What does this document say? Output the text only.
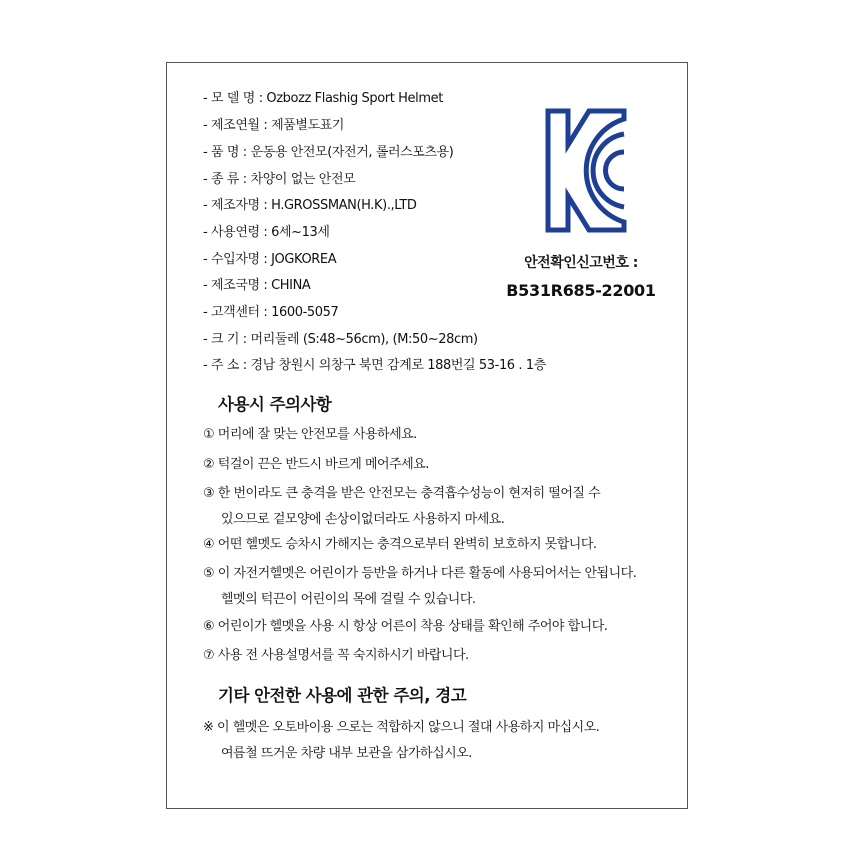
- 모 델 명 : Ozbozz Flashig Sport Helmet
- 제조연월 : 제품별도표기
- 품 명 : 운동용 안전모(자전거, 롤러스포츠용)
- 종 류 : 차양이 없는 안전모
- 제조자명 : H.GROSSMAN(H.K).,LTD
- 사용연령 : 6세~13세
- 수입자명 : JOGKOREA
- 제조국명 : CHINA
- 고객센터 : 1600-5057
- 크 기 : 머리둘레 (S:48~56cm), (M:50~28cm)
- 주 소 : 경남 창원시 의창구 북면 감계로 188번길 53-16 . 1층
안전확인신고번호 :
B531R685-22001
사용시 주의사항
① 머리에 잘 맞는 안전모를 사용하세요.
② 턱걸이 끈은 반드시 바르게 메어주세요.
③ 한 번이라도 큰 충격을 받은 안전모는 충격흡수성능이 현저히 떨어질 수
있으므로 겉모양에 손상이없더라도 사용하지 마세요.
④ 어떤 헬멧도 승차시 가해지는 충격으로부터 완벽히 보호하지 못합니다.
⑤ 이 자전거헬멧은 어린이가 등반을 하거나 다른 활동에 사용되어서는 안됩니다.
헬멧의 턱끈이 어린이의 목에 걸릴 수 있습니다.
⑥ 어린이가 헬멧을 사용 시 항상 어른이 착용 상태를 확인해 주어야 합니다.
⑦ 사용 전 사용설명서를 꼭 숙지하시기 바랍니다.
기타 안전한 사용에 관한 주의, 경고
※ 이 헬멧은 오토바이용 으로는 적합하지 않으니 절대 사용하지 마십시오.
여름철 뜨거운 차량 내부 보관을 삼가하십시오.
